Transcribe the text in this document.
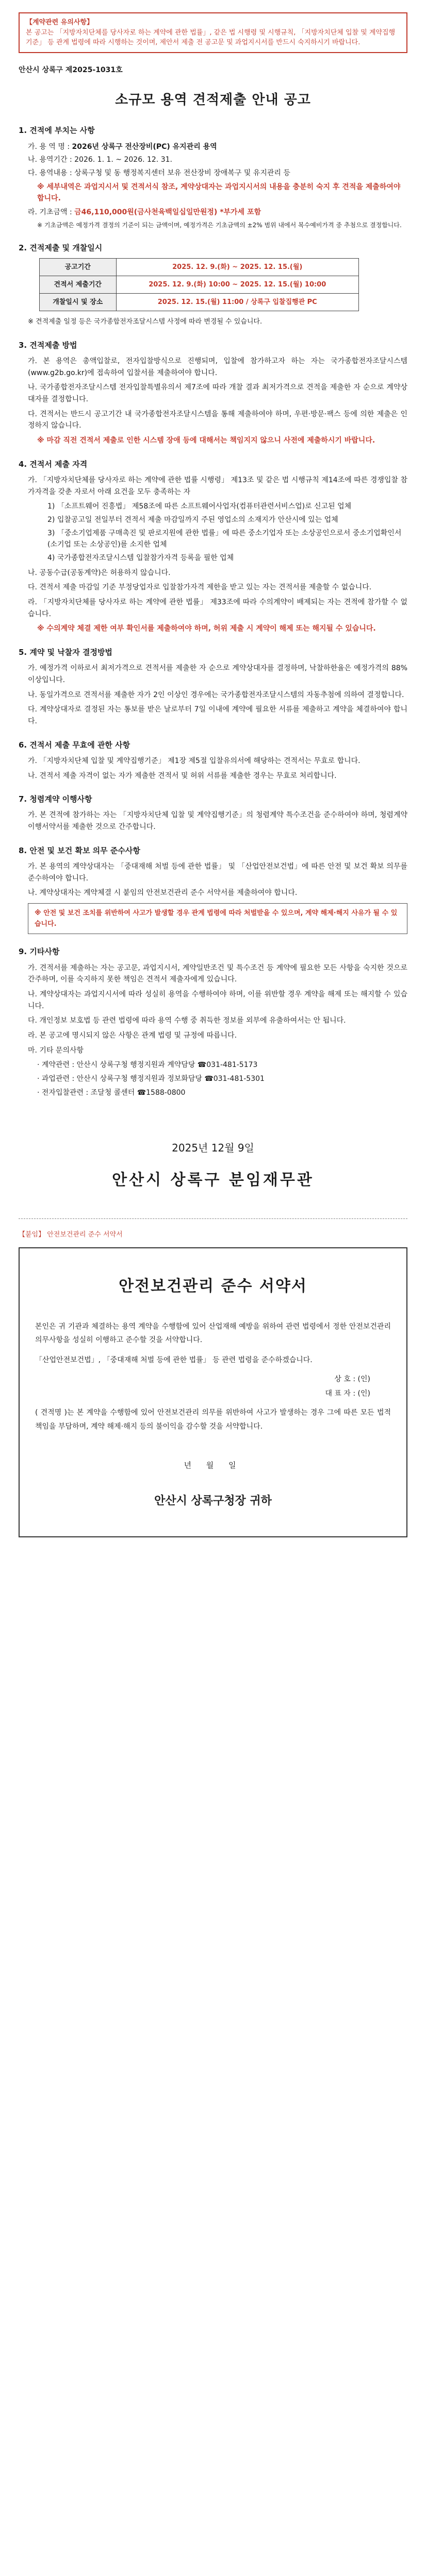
【계약관련 유의사항】
본 공고는 「지방자치단체를 당사자로 하는 계약에 관한 법률」, 같은 법 시행령 및 시행규칙, 「지방자치단체 입찰 및 계약집행기준」 등 관계 법령에 따라 시행하는 것이며, 제안서 제출 전 공고문 및 과업지시서를 반드시 숙지하시기 바랍니다.
안산시 상록구 제2025-1031호
소규모 용역 견적제출 안내 공고
1. 견적에 부치는 사항
가. 용 역 명 : 2026년 상록구 전산장비(PC) 유지관리 용역
나. 용역기간 : 2026. 1. 1. ~ 2026. 12. 31.
다. 용역내용 : 상록구청 및 동 행정복지센터 보유 전산장비 장애복구 및 유지관리 등
※ 세부내역은 과업지시서 및 견적서식 참조, 계약상대자는 과업지시서의 내용을 충분히 숙지 후 견적을 제출하여야 합니다.
라. 기초금액 : 금46,110,000원(금사천육백일십일만원정) *부가세 포함
※ 기초금액은 예정가격 결정의 기준이 되는 금액이며, 예정가격은 기초금액의 ±2% 범위 내에서 복수예비가격 중 추첨으로 결정합니다.
2. 견적제출 및 개찰일시
공고기간	2025. 12. 9.(화) ~ 2025. 12. 15.(월)
견적서 제출기간	2025. 12. 9.(화) 10:00 ~ 2025. 12. 15.(월) 10:00
개찰일시 및 장소	2025. 12. 15.(월) 11:00 / 상록구 입찰집행관 PC
※ 견적제출 일정 등은 국가종합전자조달시스템 사정에 따라 변경될 수 있습니다.
3. 견적제출 방법
가. 본 용역은 총액입찰로, 전자입찰방식으로 진행되며, 입찰에 참가하고자 하는 자는 국가종합전자조달시스템(www.g2b.go.kr)에 접속하여 입찰서를 제출하여야 합니다.
나. 국가종합전자조달시스템 전자입찰특별유의서 제7조에 따라 개찰 결과 최저가격으로 견적을 제출한 자 순으로 계약상대자를 결정합니다.
다. 견적서는 반드시 공고기간 내 국가종합전자조달시스템을 통해 제출하여야 하며, 우편·방문·팩스 등에 의한 제출은 인정하지 않습니다.
※ 마감 직전 견적서 제출로 인한 시스템 장애 등에 대해서는 책임지지 않으니 사전에 제출하시기 바랍니다.
4. 견적서 제출 자격
가. 「지방자치단체를 당사자로 하는 계약에 관한 법률 시행령」 제13조 및 같은 법 시행규칙 제14조에 따른 경쟁입찰 참가자격을 갖춘 자로서 아래 요건을 모두 충족하는 자
1) 「소프트웨어 진흥법」 제58조에 따른 소프트웨어사업자(컴퓨터관련서비스업)로 신고된 업체
2) 입찰공고일 전일부터 견적서 제출 마감일까지 주된 영업소의 소재지가 안산시에 있는 업체
3) 「중소기업제품 구매촉진 및 판로지원에 관한 법률」에 따른 중소기업자 또는 소상공인으로서 중소기업확인서(소기업 또는 소상공인)를 소지한 업체
4) 국가종합전자조달시스템 입찰참가자격 등록을 필한 업체
나. 공동수급(공동계약)은 허용하지 않습니다.
다. 견적서 제출 마감일 기준 부정당업자로 입찰참가자격 제한을 받고 있는 자는 견적서를 제출할 수 없습니다.
라. 「지방자치단체를 당사자로 하는 계약에 관한 법률」 제33조에 따라 수의계약이 배제되는 자는 견적에 참가할 수 없습니다.
※ 수의계약 체결 제한 여부 확인서를 제출하여야 하며, 허위 제출 시 계약이 해제 또는 해지될 수 있습니다.
5. 계약 및 낙찰자 결정방법
가. 예정가격 이하로서 최저가격으로 견적서를 제출한 자 순으로 계약상대자를 결정하며, 낙찰하한율은 예정가격의 88% 이상입니다.
나. 동일가격으로 견적서를 제출한 자가 2인 이상인 경우에는 국가종합전자조달시스템의 자동추첨에 의하여 결정합니다.
다. 계약상대자로 결정된 자는 통보를 받은 날로부터 7일 이내에 계약에 필요한 서류를 제출하고 계약을 체결하여야 합니다.
6. 견적서 제출 무효에 관한 사항
가. 「지방자치단체 입찰 및 계약집행기준」 제1장 제5절 입찰유의서에 해당하는 견적서는 무효로 합니다.
나. 견적서 제출 자격이 없는 자가 제출한 견적서 및 허위 서류를 제출한 경우는 무효로 처리합니다.
7. 청렴계약 이행사항
가. 본 견적에 참가하는 자는 「지방자치단체 입찰 및 계약집행기준」의 청렴계약 특수조건을 준수하여야 하며, 청렴계약 이행서약서를 제출한 것으로 간주합니다.
8. 안전 및 보건 확보 의무 준수사항
가. 본 용역의 계약상대자는 「중대재해 처벌 등에 관한 법률」 및 「산업안전보건법」에 따른 안전 및 보건 확보 의무를 준수하여야 합니다.
나. 계약상대자는 계약체결 시 붙임의 안전보건관리 준수 서약서를 제출하여야 합니다.
※ 안전 및 보건 조치를 위반하여 사고가 발생할 경우 관계 법령에 따라 처벌받을 수 있으며, 계약 해제·해지 사유가 될 수 있습니다.
9. 기타사항
가. 견적서를 제출하는 자는 공고문, 과업지시서, 계약일반조건 및 특수조건 등 계약에 필요한 모든 사항을 숙지한 것으로 간주하며, 이를 숙지하지 못한 책임은 견적서 제출자에게 있습니다.
나. 계약상대자는 과업지시서에 따라 성실히 용역을 수행하여야 하며, 이를 위반할 경우 계약을 해제 또는 해지할 수 있습니다.
다. 개인정보 보호법 등 관련 법령에 따라 용역 수행 중 취득한 정보를 외부에 유출하여서는 안 됩니다.
라. 본 공고에 명시되지 않은 사항은 관계 법령 및 규정에 따릅니다.
마. 기타 문의사항
· 계약관련 : 안산시 상록구청 행정지원과 계약담당 ☎031-481-5173
· 과업관련 : 안산시 상록구청 행정지원과 정보화담당 ☎031-481-5301
· 전자입찰관련 : 조달청 콜센터 ☎1588-0800
2025년 12월 9일
안산시 상록구 분임재무관
【붙임】 안전보건관리 준수 서약서
안전보건관리 준수 서약서
본인은 귀 기관과 체결하는 용역 계약을 수행함에 있어 산업재해 예방을 위하여 관련 법령에서 정한 안전보건관리 의무사항을 성실히 이행하고 준수할 것을 서약합니다.
「산업안전보건법」, 「중대재해 처벌 등에 관한 법률」 등 관련 법령을 준수하겠습니다.
상 호 : (인)
대 표 자 : (인)
( 견적명 )는 본 계약을 수행함에 있어 안전보건관리 의무를 위반하여 사고가 발생하는 경우 그에 따른 모든 법적 책임을 부담하며, 계약 해제·해지 등의 불이익을 감수할 것을 서약합니다.
년 월 일
안산시 상록구청장 귀하
